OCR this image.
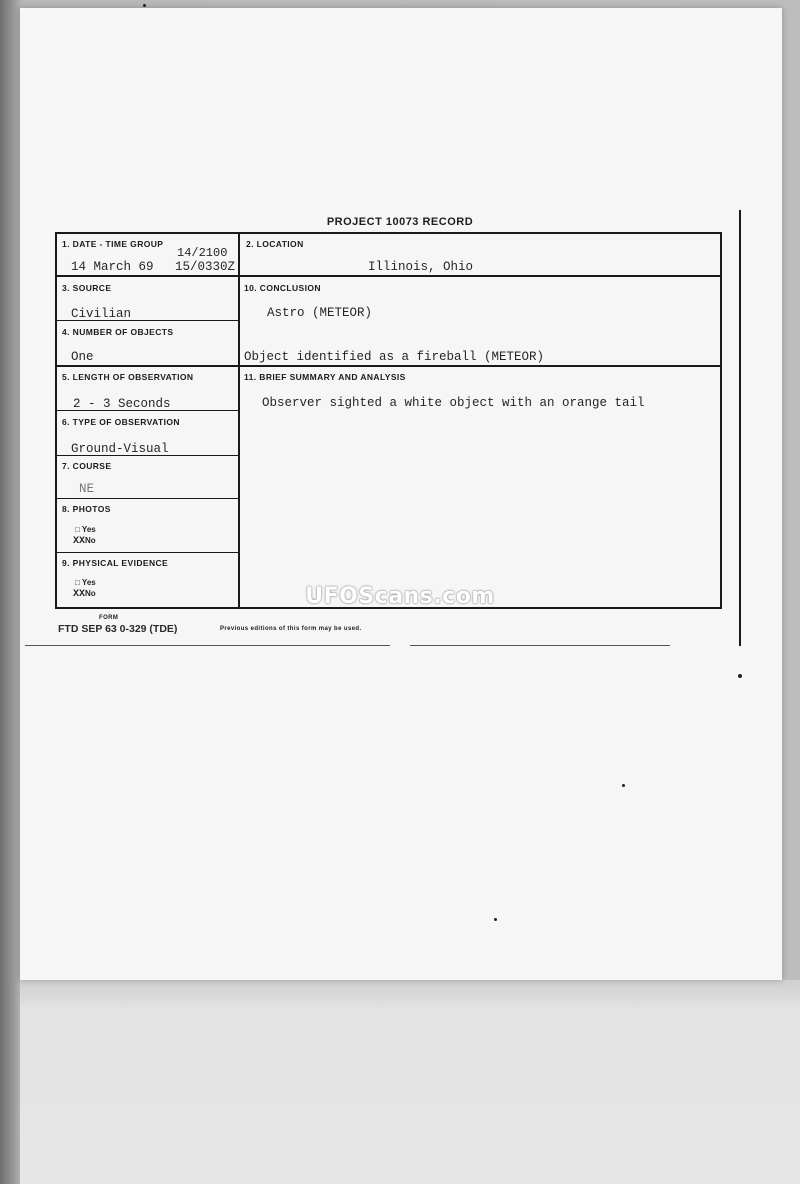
PROJECT 10073 RECORD
1. DATE - TIME GROUP
14/2100
14 March 69 15/0330Z
2. LOCATION
Illinois, Ohio
3. SOURCE
Civilian
4. NUMBER OF OBJECTS
One
10. CONCLUSION
Astro (METEOR)
Object identified as a fireball (METEOR)
5. LENGTH OF OBSERVATION
2 - 3 Seconds
11. BRIEF SUMMARY AND ANALYSIS
Observer sighted a white object with an orange tail
6. TYPE OF OBSERVATION
Ground-Visual
7. COURSE
NE
8. PHOTOS
□ Yes
XXNo
9. PHYSICAL EVIDENCE
□ Yes
XXNo	UFOScans.com
FORM
FTD SEP 63 0-329 (TDE)	Previous editions of this form may be used.
